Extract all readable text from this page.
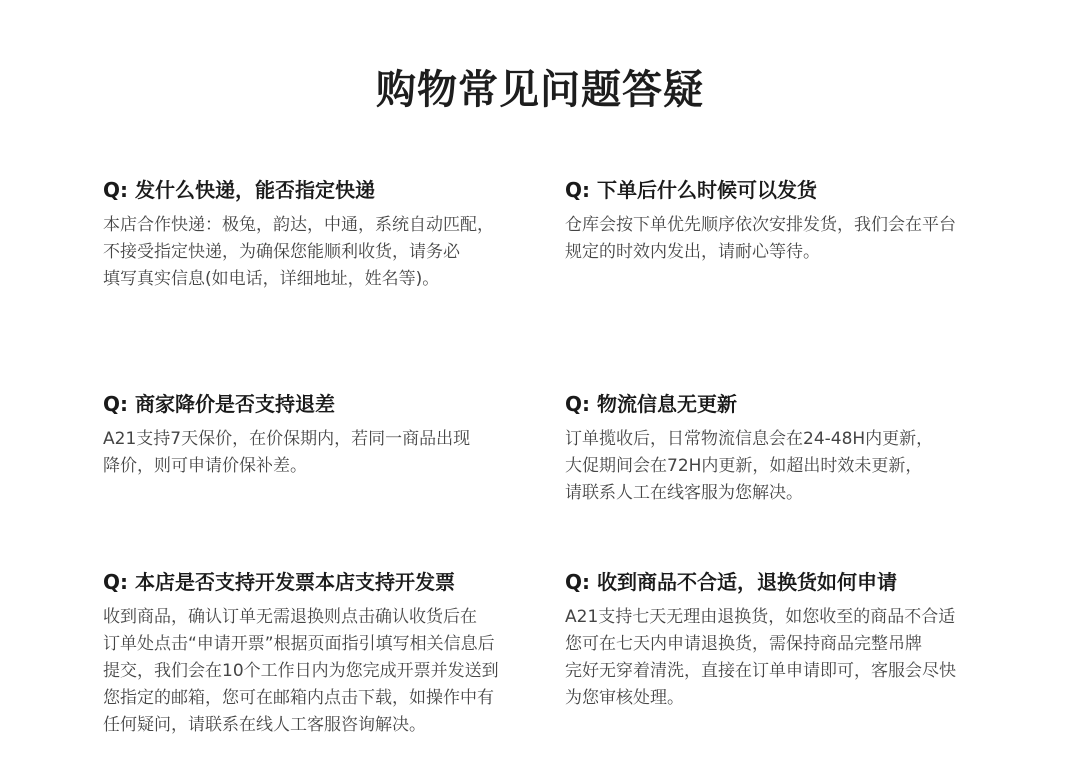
购物常见问题答疑

Q: 发什么快递，能否指定快递

本店合作快递：极兔，韵达，中通，系统自动匹配，
不接受指定快递，为确保您能顺利收货，请务必
填写真实信息(如电话，详细地址，姓名等)。

Q: 下单后什么时候可以发货

仓库会按下单优先顺序依次安排发货，我们会在平台
规定的时效内发出，请耐心等待。

Q: 商家降价是否支持退差

A21支持7天保价，在价保期内，若同一商品出现
降价，则可申请价保补差。

Q: 物流信息无更新

订单揽收后，日常物流信息会在24-48H内更新，
大促期间会在72H内更新，如超出时效未更新，
请联系人工在线客服为您解决。

Q: 本店是否支持开发票本店支持开发票

收到商品，确认订单无需退换则点击确认收货后在
订单处点击“申请开票”根据页面指引填写相关信息后
提交，我们会在10个工作日内为您完成开票并发送到
您指定的邮箱，您可在邮箱内点击下载，如操作中有
任何疑问，请联系在线人工客服咨询解决。

Q: 收到商品不合适，退换货如何申请

A21支持七天无理由退换货，如您收至的商品不合适
您可在七天内申请退换货，需保持商品完整吊牌
完好无穿着清洗，直接在订单申请即可，客服会尽快
为您审核处理。
